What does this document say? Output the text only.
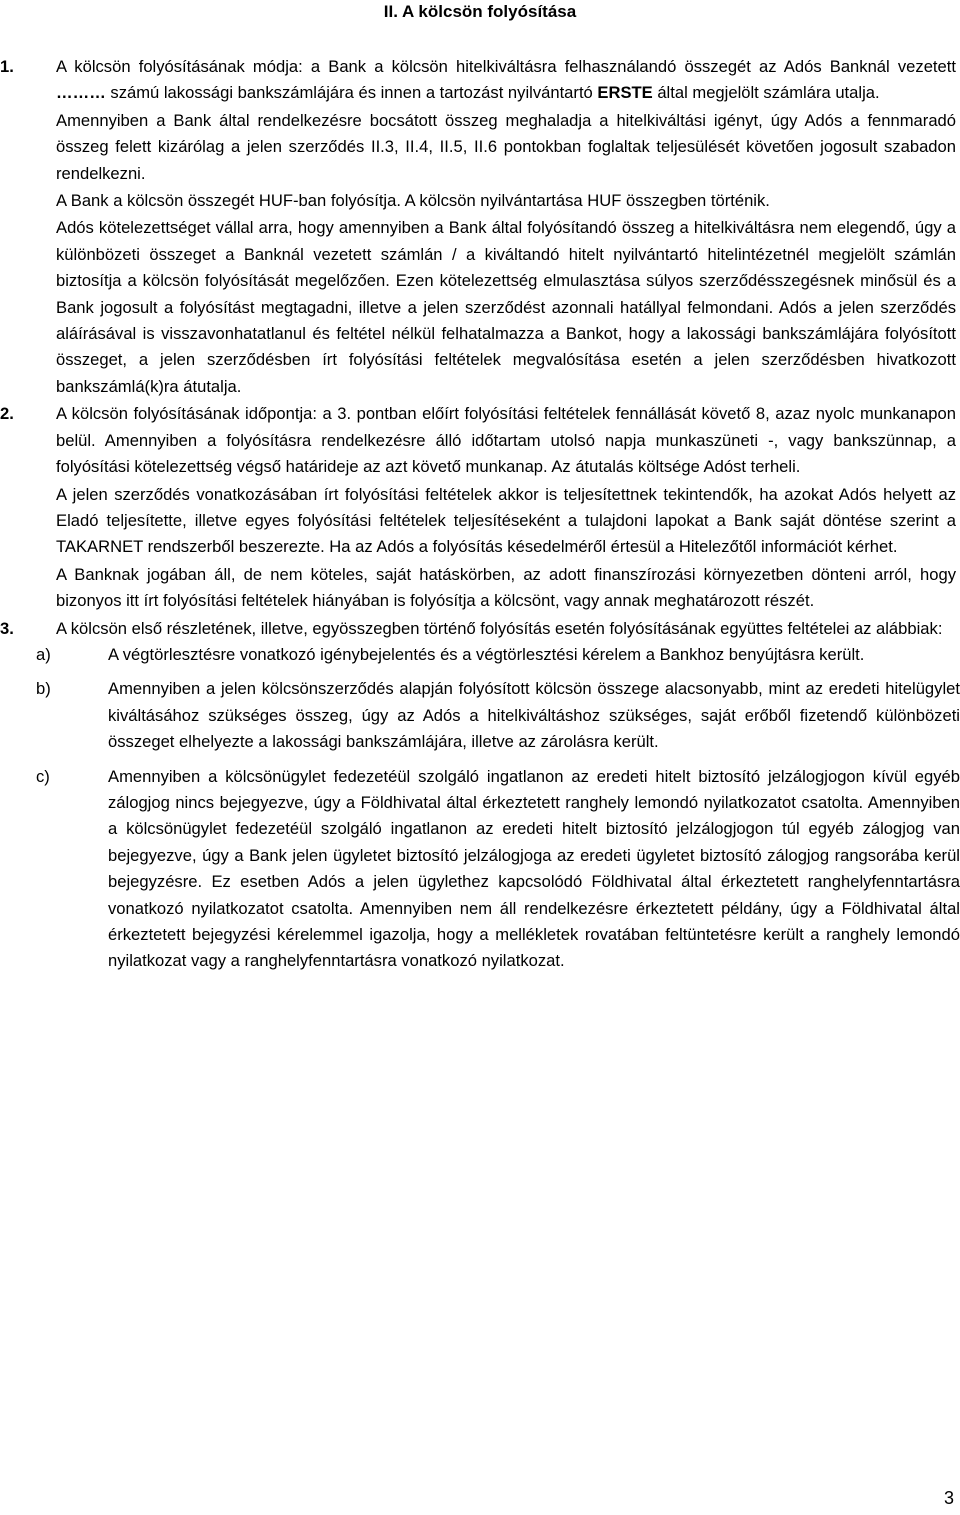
II. A kölcsön folyósítása
1.	A kölcsön folyósításának módja: a Bank a kölcsön hitelkiváltásra felhasználandó összegét az Adós Banknál vezetett ……… számú lakossági bankszámlájára és innen a tartozást nyilvántartó ERSTE által megjelölt számlára utalja.

Amennyiben a Bank által rendelkezésre bocsátott összeg meghaladja a hitelkiváltási igényt, úgy Adós a fennmaradó összeg felett kizárólag a jelen szerződés II.3, II.4, II.5, II.6 pontokban foglaltak teljesülését követően jogosult szabadon rendelkezni.

A Bank a kölcsön összegét HUF-ban folyósítja. A kölcsön nyilvántartása HUF összegben történik.

Adós kötelezettséget vállal arra, hogy amennyiben a Bank által folyósítandó összeg a hitelkiváltásra nem elegendő, úgy a különbözeti összeget a Banknál vezetett számlán / a kiváltandó hitelt nyilvántartó hitelintézetnél megjelölt számlán biztosítja a kölcsön folyósítását megelőzően. Ezen kötelezettség elmulasztása súlyos szerződésszegésnek minősül és a Bank jogosult a folyósítást megtagadni, illetve a jelen szerződést azonnali hatállyal felmondani. Adós a jelen szerződés aláírásával is visszavonhatatlanul és feltétel nélkül felhatalmazza a Bankot, hogy a lakossági bankszámlájára folyósított összeget, a jelen szerződésben írt folyósítási feltételek megvalósítása esetén a jelen szerződésben hivatkozott bankszámlá(k)ra átutalja.

2.	A kölcsön folyósításának időpontja: a 3. pontban előírt folyósítási feltételek fennállását követő 8, azaz nyolc munkanapon belül. Amennyiben a folyósításra rendelkezésre álló időtartam utolsó napja munkaszüneti -, vagy bankszünnap, a folyósítási kötelezettség végső határideje az azt követő munkanap. Az átutalás költsége Adóst terheli.

A jelen szerződés vonatkozásában írt folyósítási feltételek akkor is teljesítettnek tekintendők, ha azokat Adós helyett az Eladó teljesítette, illetve egyes folyósítási feltételek teljesítéseként a tulajdoni lapokat a Bank saját döntése szerint a TAKARNET rendszerből beszerezte. Ha az Adós a folyósítás késedelméről értesül a Hitelezőtől információt kérhet.

A Banknak jogában áll, de nem köteles, saját hatáskörben, az adott finanszírozási környezetben dönteni arról, hogy bizonyos itt írt folyósítási feltételek hiányában is folyósítja a kölcsönt, vagy annak meghatározott részét.

3.	A kölcsön első részletének, illetve, egyösszegben történő folyósítás esetén folyósításának együttes feltételei az alábbiak:

a)	A végtörlesztésre vonatkozó igénybejelentés és a végtörlesztési kérelem a Bankhoz benyújtásra került.

b)	Amennyiben a jelen kölcsönszerződés alapján folyósított kölcsön összege alacsonyabb, mint az eredeti hitelügylet kiváltásához szükséges összeg, úgy az Adós a hitelkiváltáshoz szükséges, saját erőből fizetendő különbözeti összeget elhelyezte a lakossági bankszámlájára, illetve az zárolásra került.

c)	Amennyiben a kölcsönügylet fedezetéül szolgáló ingatlanon az eredeti hitelt biztosító jelzálogjogon kívül egyéb zálogjog nincs bejegyezve, úgy a Földhivatal által érkeztetett ranghely lemondó nyilatkozatot csatolta. Amennyiben a kölcsönügylet fedezetéül szolgáló ingatlanon az eredeti hitelt biztosító jelzálogjogon túl egyéb zálogjog van bejegyezve, úgy a Bank jelen ügyletet biztosító jelzálogjoga az eredeti ügyletet biztosító zálogjog rangsorába kerül bejegyzésre. Ez esetben Adós a jelen ügylethez kapcsolódó Földhivatal által érkeztetett ranghelyfenntartásra vonatkozó nyilatkozatot csatolta. Amennyiben nem áll rendelkezésre érkeztetett példány, úgy a Földhivatal által érkeztetett bejegyzési kérelemmel igazolja, hogy a mellékletek rovatában feltüntetésre került a ranghely lemondó nyilatkozat vagy a ranghelyfenntartásra vonatkozó nyilatkozat.

3
